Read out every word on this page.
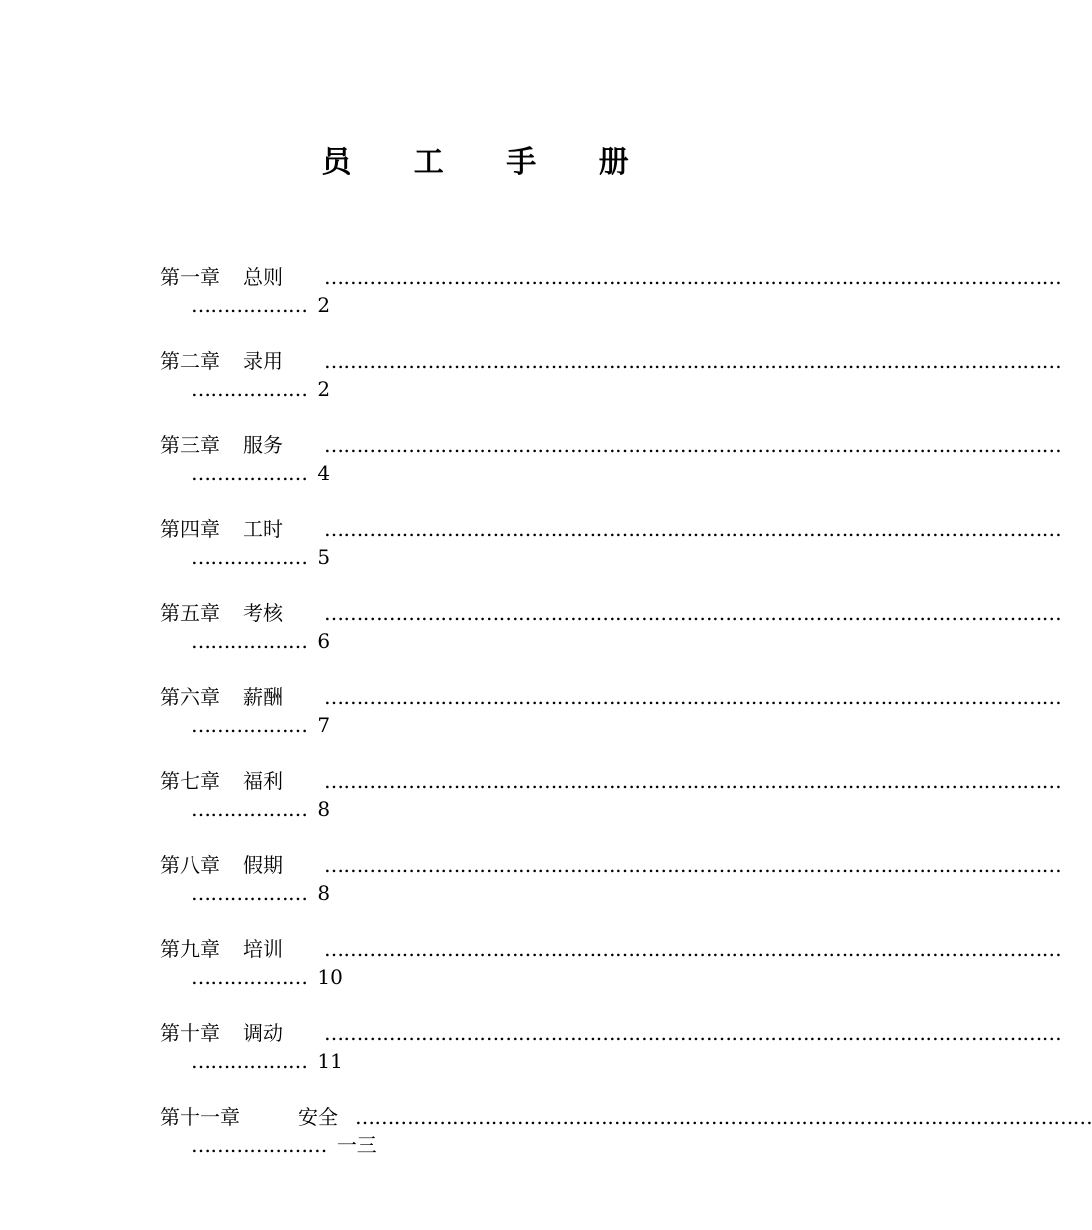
员 工 手 册
第一章 总则 ……………………………………………………………………………………………………
……………… 2
第二章 录用 ……………………………………………………………………………………………………
……………… 2
第三章 服务 ……………………………………………………………………………………………………
……………… 4
第四章 工时 ……………………………………………………………………………………………………
……………… 5
第五章 考核 ……………………………………………………………………………………………………
……………… 6
第六章 薪酬 ……………………………………………………………………………………………………
……………… 7
第七章 福利 ……………………………………………………………………………………………………
……………… 8
第八章 假期 ……………………………………………………………………………………………………
……………… 8
第九章 培训 ……………………………………………………………………………………………………
……………… 10
第十章 调动 ……………………………………………………………………………………………………
……………… 11
第十一章	安全 ……………………………………………………………………………………………………
………………… 一三
